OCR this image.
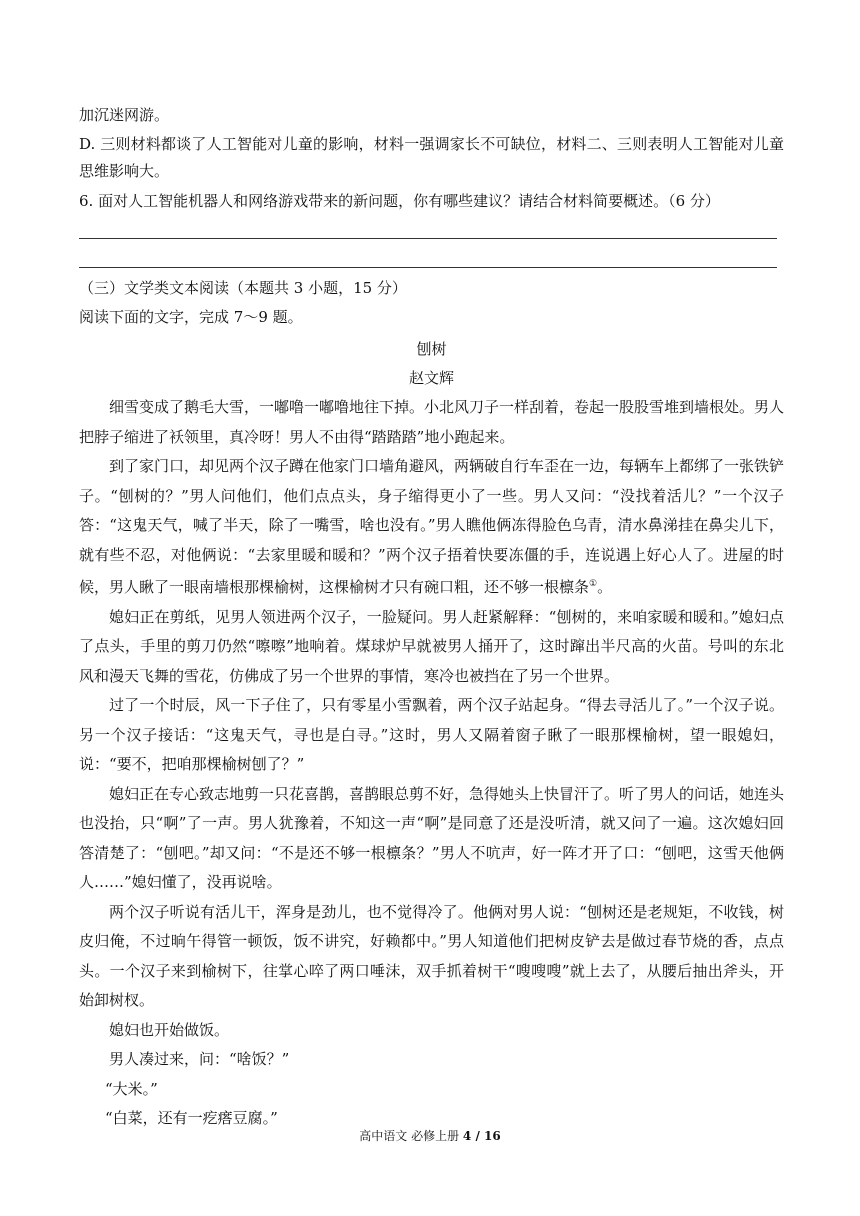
加沉迷网游。

D. 三则材料都谈了人工智能对儿童的影响，材料一强调家长不可缺位，材料二、三则表明人工智能对儿童思维影响大。

6. 面对人工智能机器人和网络游戏带来的新问题，你有哪些建议？请结合材料简要概述。（6 分）

（三）文学类文本阅读（本题共 3 小题，15 分）

阅读下面的文字，完成 7～9 题。

刨树

赵文辉

细雪变成了鹅毛大雪，一嘟噜一嘟噜地往下掉。小北风刀子一样刮着，卷起一股股雪堆到墙根处。男人把脖子缩进了袄领里，真冷呀！男人不由得“踏踏踏”地小跑起来。

到了家门口，却见两个汉子蹲在他家门口墙角避风，两辆破自行车歪在一边，每辆车上都绑了一张铁铲子。“刨树的？”男人问他们，他们点点头，身子缩得更小了一些。男人又问：“没找着活儿？”一个汉子答：“这鬼天气，喊了半天，除了一嘴雪，啥也没有。”男人瞧他俩冻得脸色乌青，清水鼻涕挂在鼻尖儿下，就有些不忍，对他俩说：“去家里暖和暖和？”两个汉子捂着快要冻僵的手，连说遇上好心人了。进屋的时候，男人瞅了一眼南墙根那棵榆树，这棵榆树才只有碗口粗，还不够一根檩条①。

媳妇正在剪纸，见男人领进两个汉子，一脸疑问。男人赶紧解释：“刨树的，来咱家暖和暖和。”媳妇点了点头，手里的剪刀仍然“嚓嚓”地响着。煤球炉早就被男人捅开了，这时蹿出半尺高的火苗。号叫的东北风和漫天飞舞的雪花，仿佛成了另一个世界的事情，寒冷也被挡在了另一个世界。

过了一个时辰，风一下子住了，只有零星小雪飘着，两个汉子站起身。“得去寻活儿了。”一个汉子说。另一个汉子接话：“这鬼天气，寻也是白寻。”这时，男人又隔着窗子瞅了一眼那棵榆树，望一眼媳妇，说：“要不，把咱那棵榆树刨了？”

媳妇正在专心致志地剪一只花喜鹊，喜鹊眼总剪不好，急得她头上快冒汗了。听了男人的问话，她连头也没抬，只“啊”了一声。男人犹豫着，不知这一声“啊”是同意了还是没听清，就又问了一遍。这次媳妇回答清楚了：“刨吧。”却又问：“不是还不够一根檩条？”男人不吭声，好一阵才开了口：“刨吧，这雪天他俩人……”媳妇懂了，没再说啥。

两个汉子听说有活儿干，浑身是劲儿，也不觉得冷了。他俩对男人说：“刨树还是老规矩，不收钱，树皮归俺，不过晌午得管一顿饭，饭不讲究，好赖都中。”男人知道他们把树皮铲去是做过春节烧的香，点点头。一个汉子来到榆树下，往掌心啐了两口唾沫，双手抓着树干“嗖嗖嗖”就上去了，从腰后抽出斧头，开始卸树杈。

媳妇也开始做饭。

男人凑过来，问：“啥饭？”

“大米。”

“白菜，还有一疙瘩豆腐。”

高中语文 必修上册 4 / 16
